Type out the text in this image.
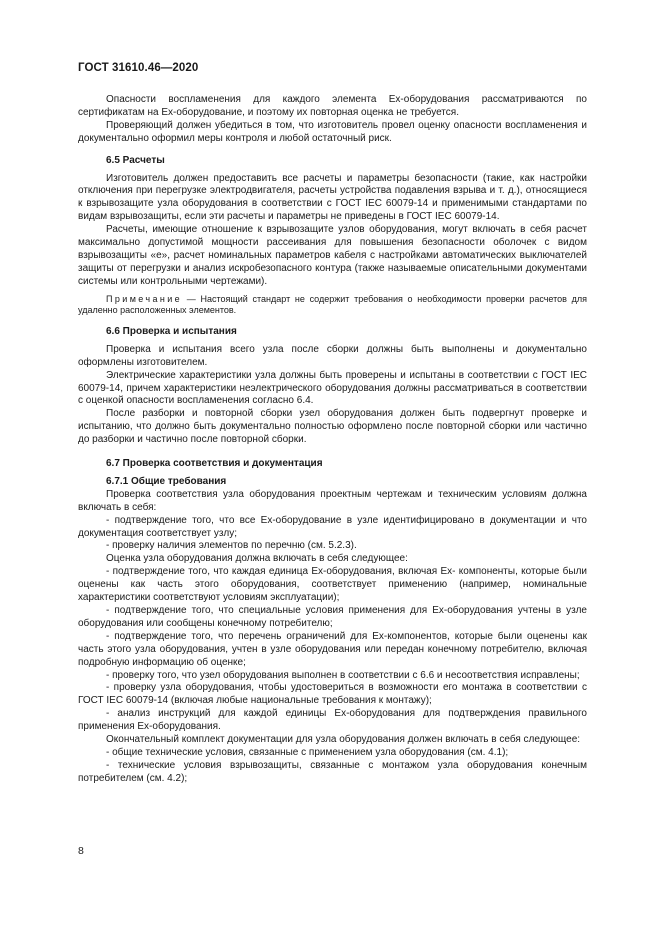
ГОСТ 31610.46—2020

Опасности воспламенения для каждого элемента Ex-оборудования рассматриваются по сертификатам на Ex-оборудование, и поэтому их повторная оценка не требуется.

Проверяющий должен убедиться в том, что изготовитель провел оценку опасности воспламенения и документально оформил меры контроля и любой остаточный риск.

6.5 Расчеты

Изготовитель должен предоставить все расчеты и параметры безопасности (такие, как настройки отключения при перегрузке электродвигателя, расчеты устройства подавления взрыва и т. д.), относящиеся к взрывозащите узла оборудования в соответствии с ГОСТ IEC 60079-14 и применимыми стандартами по видам взрывозащиты, если эти расчеты и параметры не приведены в ГОСТ IEC 60079-14.

Расчеты, имеющие отношение к взрывозащите узлов оборудования, могут включать в себя расчет максимально допустимой мощности рассеивания для повышения безопасности оболочек с видом взрывозащиты «е», расчет номинальных параметров кабеля с настройками автоматических выключателей защиты от перегрузки и анализ искробезопасного контура (также называемые описательными документами системы или контрольными чертежами).

Примечание — Настоящий стандарт не содержит требования о необходимости проверки расчетов для удаленно расположенных элементов.

6.6 Проверка и испытания

Проверка и испытания всего узла после сборки должны быть выполнены и документально оформлены изготовителем.

Электрические характеристики узла должны быть проверены и испытаны в соответствии с ГОСТ IEC 60079-14, причем характеристики неэлектрического оборудования должны рассматриваться в соответствии с оценкой опасности воспламенения согласно 6.4.

После разборки и повторной сборки узел оборудования должен быть подвергнут проверке и испытанию, что должно быть документально полностью оформлено после повторной сборки или частично до разборки и частично после повторной сборки.

6.7 Проверка соответствия и документация

6.7.1 Общие требования

Проверка соответствия узла оборудования проектным чертежам и техническим условиям должна включать в себя:

- подтверждение того, что все Ex-оборудование в узле идентифицировано в документации и что документация соответствует узлу;

- проверку наличия элементов по перечню (см. 5.2.3).

Оценка узла оборудования должна включать в себя следующее:

- подтверждение того, что каждая единица Ex-оборудования, включая Ex- компоненты, которые были оценены как часть этого оборудования, соответствует применению (например, номинальные характеристики соответствуют условиям эксплуатации);

- подтверждение того, что специальные условия применения для Ex-оборудования учтены в узле оборудования или сообщены конечному потребителю;

- подтверждение того, что перечень ограничений для Ex-компонентов, которые были оценены как часть этого узла оборудования, учтен в узле оборудования или передан конечному потребителю, включая подробную информацию об оценке;

- проверку того, что узел оборудования выполнен в соответствии с 6.6 и несоответствия исправлены;

- проверку узла оборудования, чтобы удостовериться в возможности его монтажа в соответствии с ГОСТ IEC 60079-14 (включая любые национальные требования к монтажу);

- анализ инструкций для каждой единицы Ex-оборудования для подтверждения правильного применения Ex-оборудования.

Окончательный комплект документации для узла оборудования должен включать в себя следующее:

- общие технические условия, связанные с применением узла оборудования (см. 4.1);

- технические условия взрывозащиты, связанные с монтажом узла оборудования конечным потребителем (см. 4.2);

8
